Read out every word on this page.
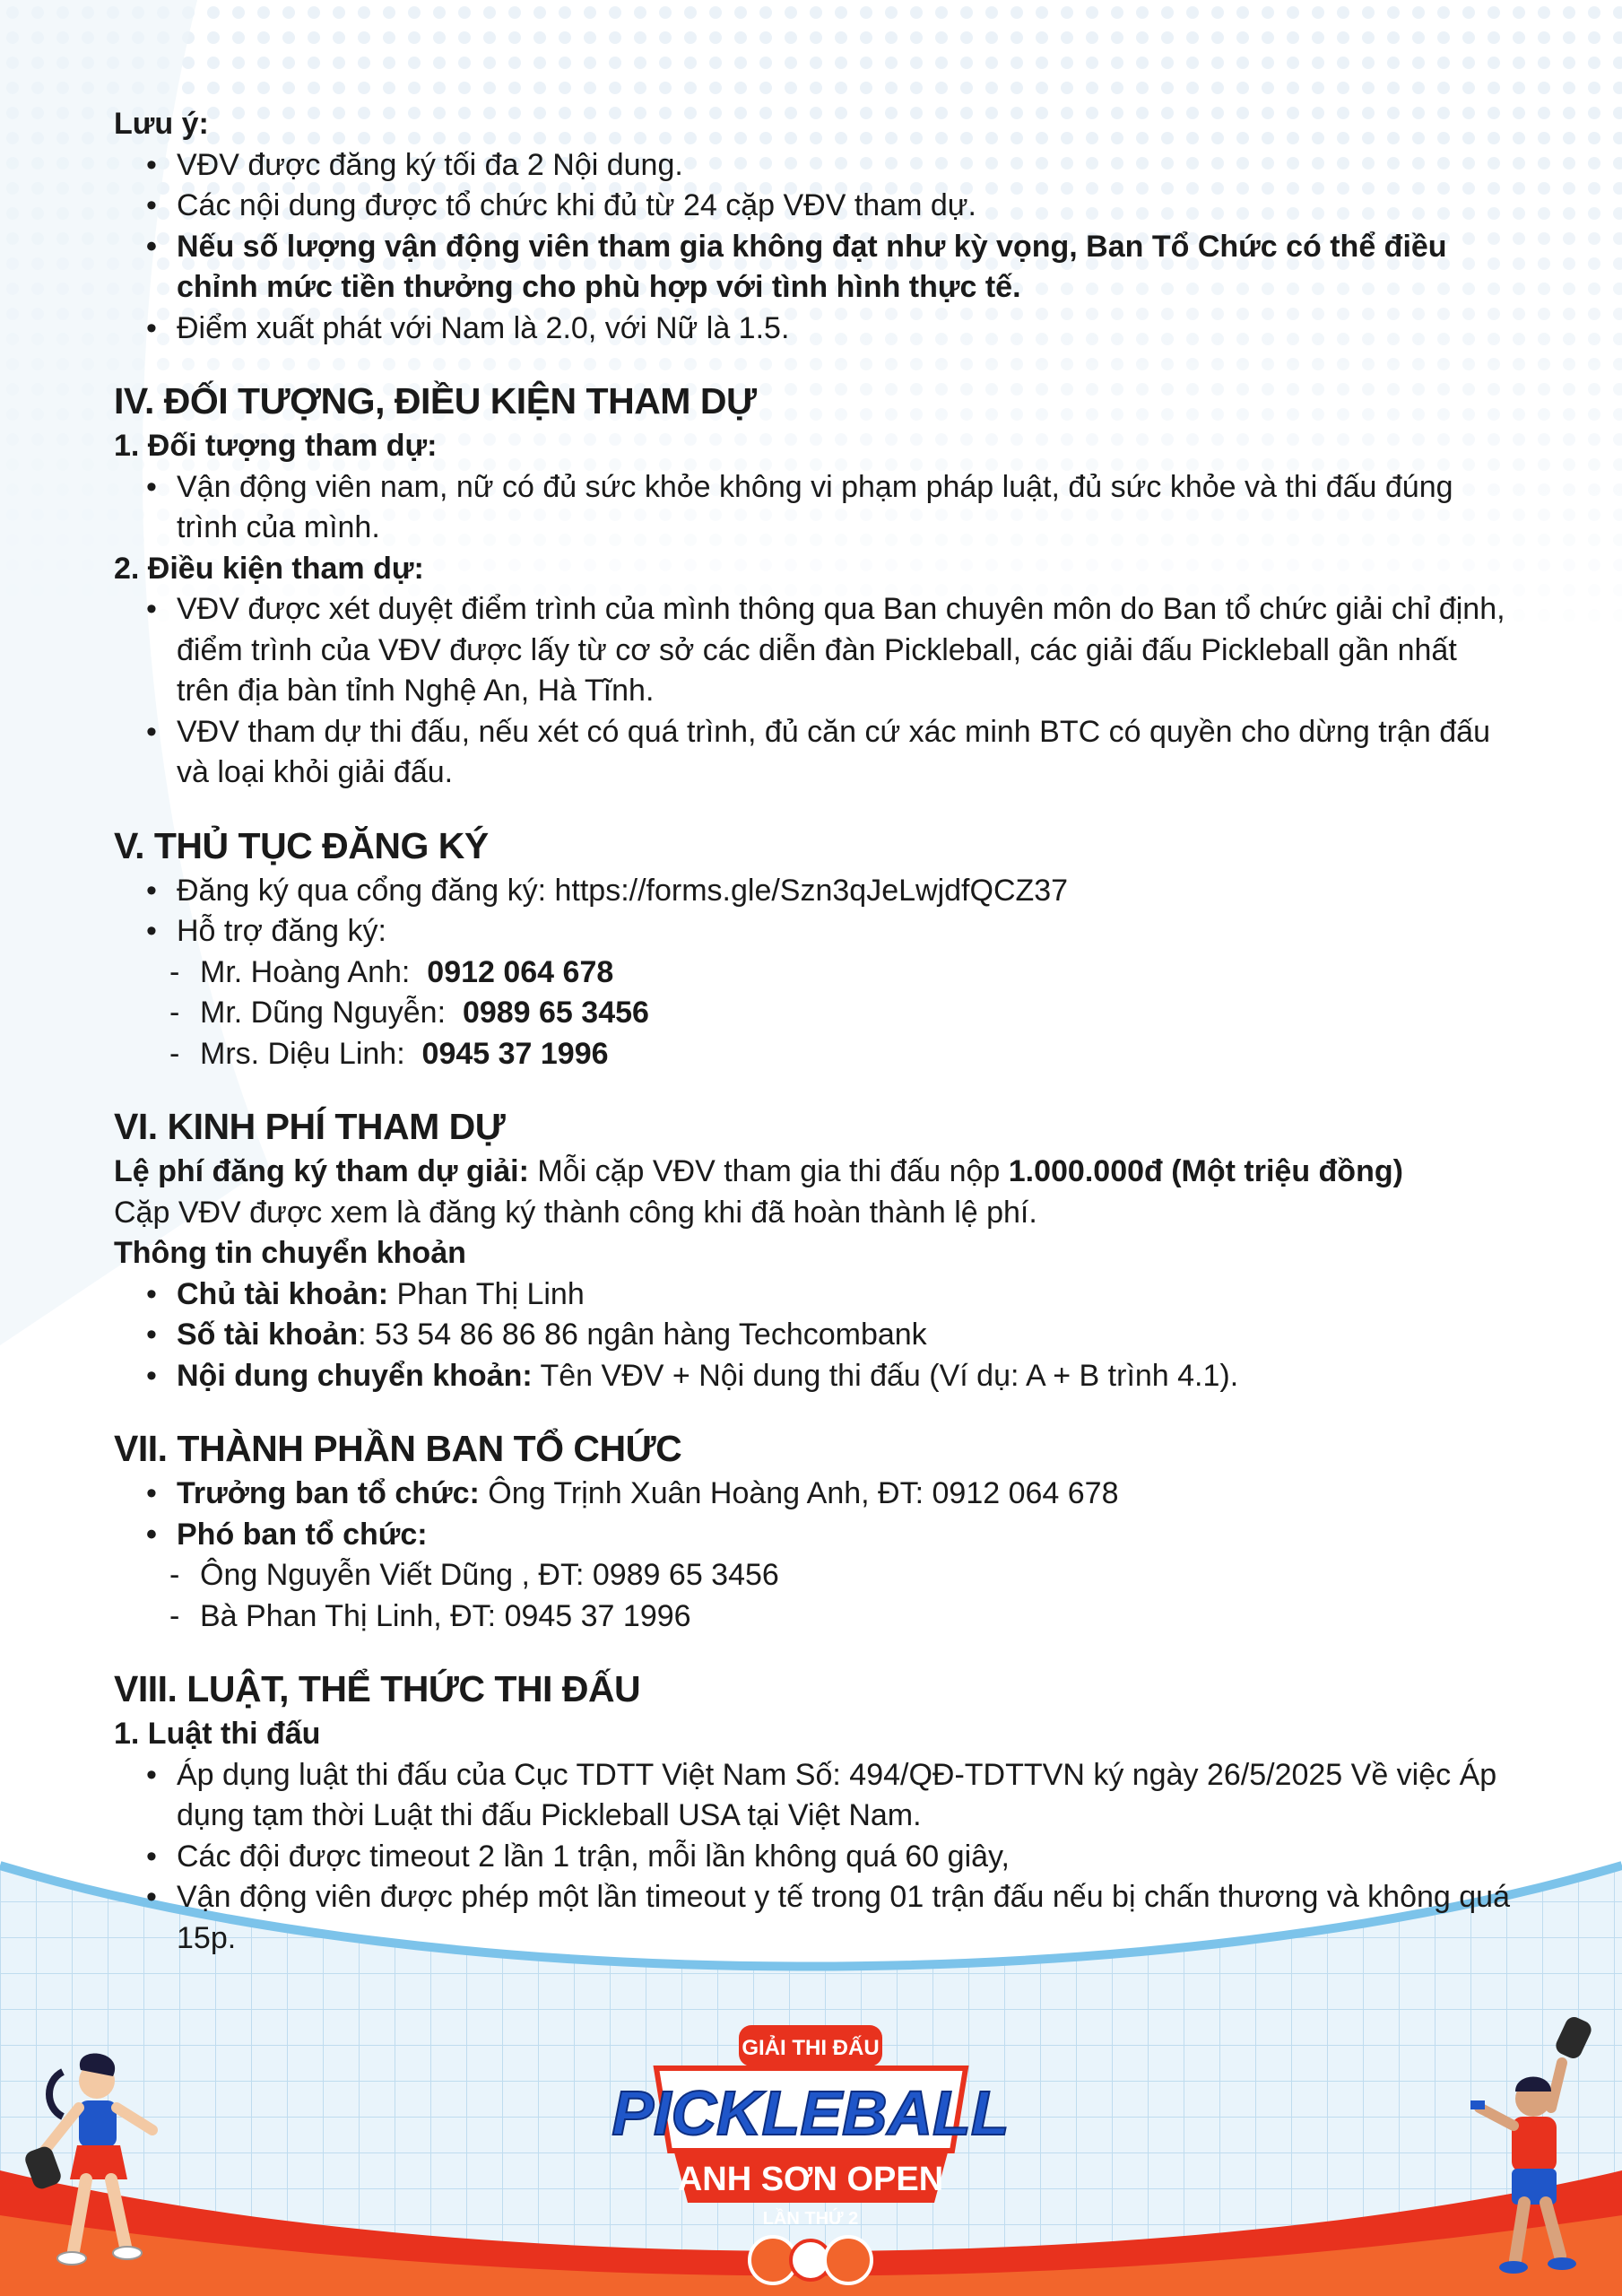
Lưu ý:
• VĐV được đăng ký tối đa 2 Nội dung.
• Các nội dung được tổ chức khi đủ từ 24 cặp VĐV tham dự.
• Nếu số lượng vận động viên tham gia không đạt như kỳ vọng, Ban Tổ Chức có thể điều chỉnh mức tiền thưởng cho phù hợp với tình hình thực tế.
• Điểm xuất phát với Nam là 2.0, với Nữ là 1.5.
IV. ĐỐI TƯỢNG, ĐIỀU KIỆN THAM DỰ
1. Đối tượng tham dự:
• Vận động viên nam, nữ có đủ sức khỏe không vi phạm pháp luật, đủ sức khỏe và thi đấu đúng trình của mình.
2. Điều kiện tham dự:
• VĐV được xét duyệt điểm trình của mình thông qua Ban chuyên môn do Ban tổ chức giải chỉ định, điểm trình của VĐV được lấy từ cơ sở các diễn đàn Pickleball, các giải đấu Pickleball gần nhất trên địa bàn tỉnh Nghệ An, Hà Tĩnh.
• VĐV tham dự thi đấu, nếu xét có quá trình, đủ căn cứ xác minh BTC có quyền cho dừng trận đấu và loại khỏi giải đấu.
V. THỦ TỤC ĐĂNG KÝ
• Đăng ký qua cổng đăng ký: https://forms.gle/Szn3qJeLwjdfQCZ37
• Hỗ trợ đăng ký:
- Mr. Hoàng Anh: 0912 064 678
- Mr. Dũng Nguyễn: 0989 65 3456
- Mrs. Diệu Linh: 0945 37 1996
VI. KINH PHÍ THAM DỰ
Lệ phí đăng ký tham dự giải: Mỗi cặp VĐV tham gia thi đấu nộp 1.000.000đ (Một triệu đồng)
Cặp VĐV được xem là đăng ký thành công khi đã hoàn thành lệ phí.
Thông tin chuyển khoản
• Chủ tài khoản: Phan Thị Linh
• Số tài khoản: 53 54 86 86 86 ngân hàng Techcombank
• Nội dung chuyển khoản: Tên VĐV + Nội dung thi đấu (Ví dụ: A + B trình 4.1).
VII. THÀNH PHẦN BAN TỔ CHỨC
• Trưởng ban tổ chức: Ông Trịnh Xuân Hoàng Anh, ĐT: 0912 064 678
• Phó ban tổ chức:
- Ông Nguyễn Viết Dũng , ĐT: 0989 65 3456
- Bà Phan Thị Linh, ĐT: 0945 37 1996
VIII. LUẬT, THỂ THỨC THI ĐẤU
1. Luật thi đấu
• Áp dụng luật thi đấu của Cục TDTT Việt Nam Số: 494/QĐ-TDTTVN ký ngày 26/5/2025 Về việc Áp dụng tạm thời Luật thi đấu Pickleball USA tại Việt Nam.
• Các đội được timeout 2 lần 1 trận, mỗi lần không quá 60 giây,
• Vận động viên được phép một lần timeout y tế trong 01 trận đấu nếu bị chấn thương và không quá 15p.
GIẢI THI ĐẤU
PICKLEBALL
ANH SƠN OPEN
LẦN THỨ 2
